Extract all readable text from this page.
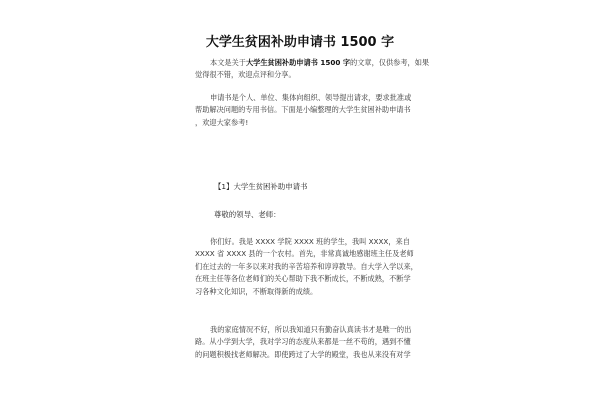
大学生贫困补助申请书 1500 字
本文是关于大学生贫困补助申请书 1500 字的文章，仅供参考，如果
觉得很不错，欢迎点评和分享。
申请书是个人、单位、集体向组织、领导提出请求，要求批准或
帮助解决问题的专用书信。下面是小编整理的大学生贫困补助申请书
，欢迎大家参考!
【1】大学生贫困补助申请书
尊敬的领导、老师：
你们好。我是 XXXX 学院 XXXX 班的学生，我叫 XXXX，来自
XXXX 省 XXXX 县的一个农村。首先，非常真诚地感谢班主任及老师
们在过去的一年多以来对我的辛苦培养和谆谆教导。自大学入学以来，
在班主任等各位老师们的关心帮助下我不断成长，不断成熟，不断学
习各种文化知识，不断取得新的成绩。
我的家庭情况不好，所以我知道只有勤奋认真读书才是唯一的出
路。从小学到大学，我对学习的态度从来都是一丝不苟的，遇到不懂
的问题积极找老师解决。即使跨过了大学的殿堂，我也从来没有对学
